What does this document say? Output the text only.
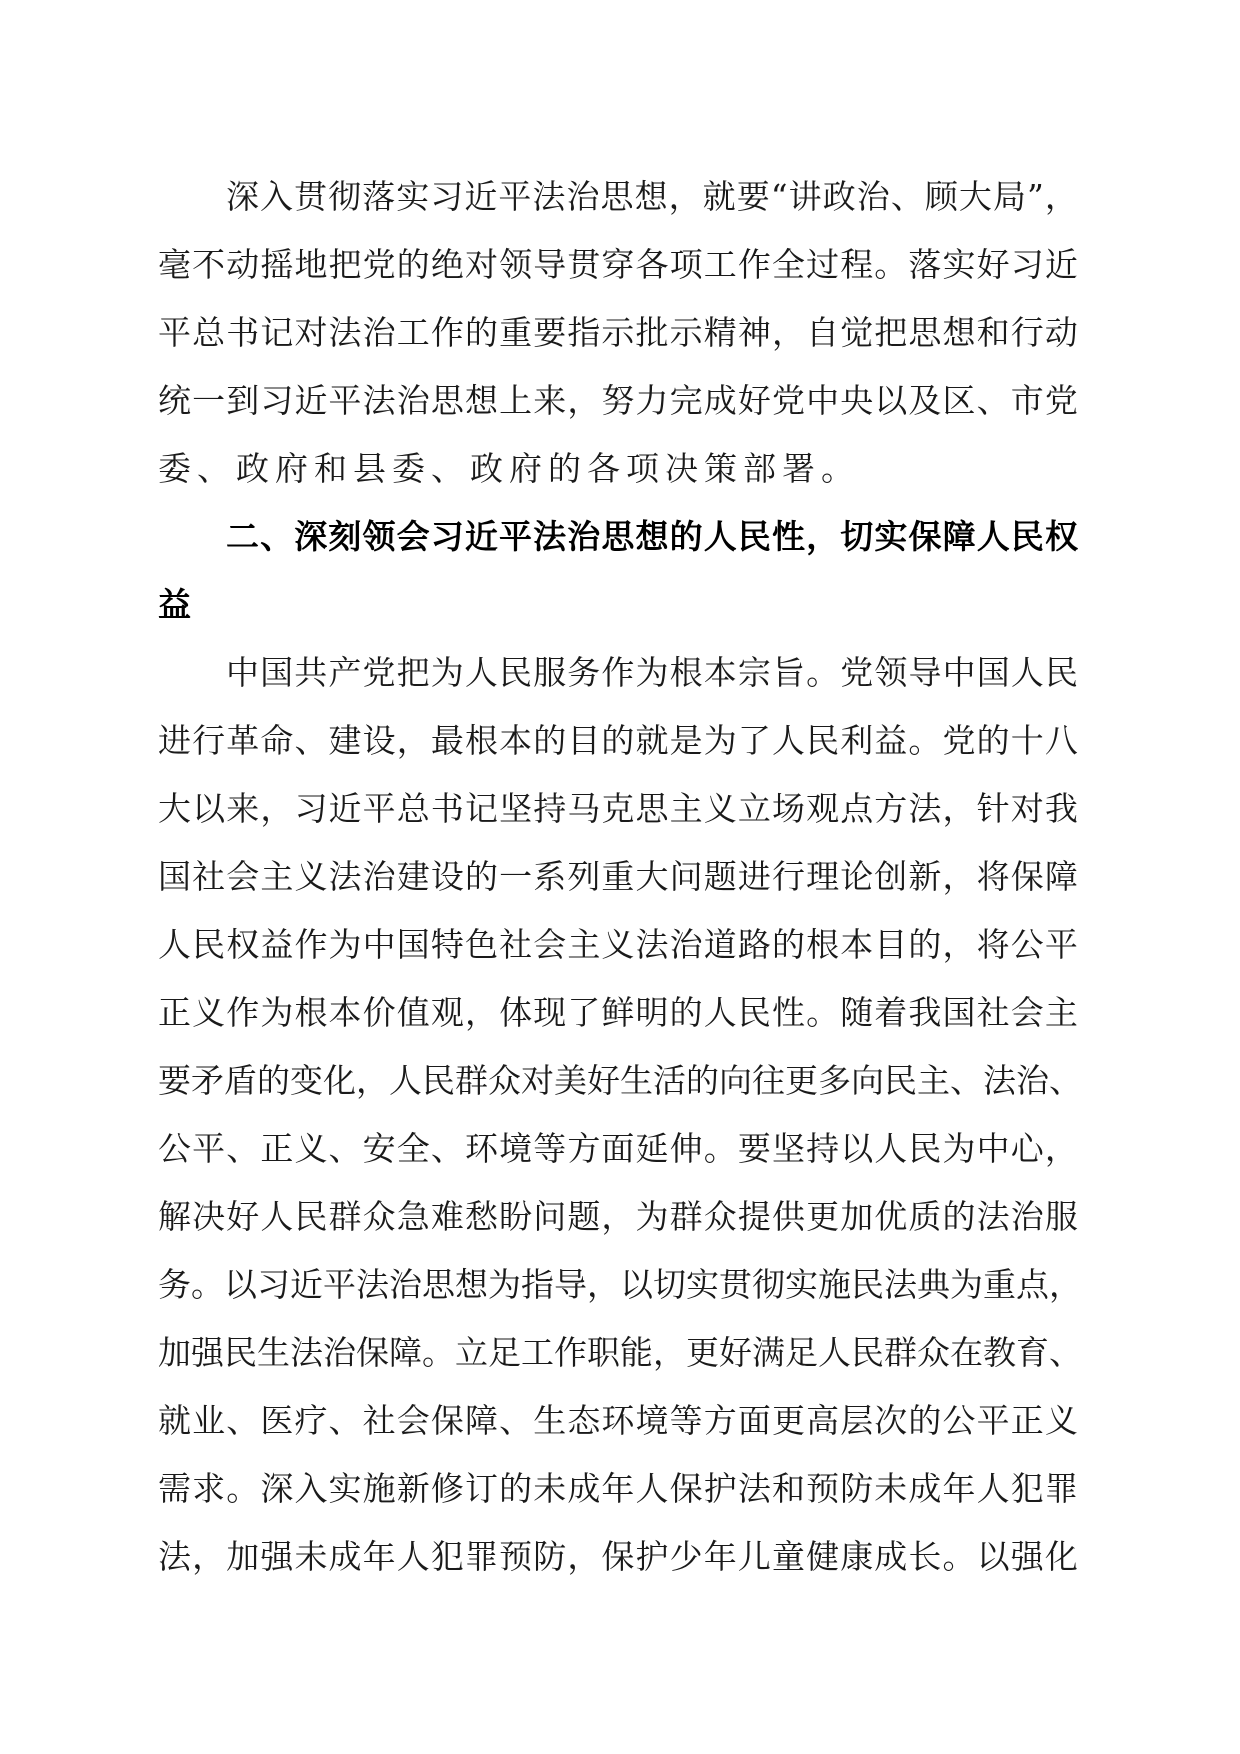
深 入 贯 彻 落 实 习 近 平 法 治 思 想 ， 就 要 “ 讲 政 治 、 顾 大 局 ” ，
毫 不 动 摇 地 把 党 的 绝 对 领 导 贯 穿 各 项 工 作 全 过 程 。 落 实 好 习 近
平 总 书 记 对 法 治 工 作 的 重 要 指 示 批 示 精 神 ， 自 觉 把 思 想 和 行 动
统 一 到 习 近 平 法 治 思 想 上 来 ， 努 力 完 成 好 党 中 央 以 及 区 、 市 党
委、政府和县委、政府的各项决策部署。
二 、 深 刻 领 会 习 近 平 法 治 思 想 的 人 民 性 ， 切 实 保 障 人 民 权
益
中 国 共 产 党 把 为 人 民 服 务 作 为 根 本 宗 旨 。 党 领 导 中 国 人 民
进 行 革 命 、 建 设 ， 最 根 本 的 目 的 就 是 为 了 人 民 利 益 。 党 的 十 八
大 以 来 ， 习 近 平 总 书 记 坚 持 马 克 思 主 义 立 场 观 点 方 法 ， 针 对 我
国 社 会 主 义 法 治 建 设 的 一 系 列 重 大 问 题 进 行 理 论 创 新 ， 将 保 障
人 民 权 益 作 为 中 国 特 色 社 会 主 义 法 治 道 路 的 根 本 目 的 ， 将 公 平
正 义 作 为 根 本 价 值 观 ， 体 现 了 鲜 明 的 人 民 性 。 随 着 我 国 社 会 主
要 矛 盾 的 变 化 ， 人 民 群 众 对 美 好 生 活 的 向 往 更 多 向 民 主 、 法 治 、
公 平 、 正 义 、 安 全 、 环 境 等 方 面 延 伸 。 要 坚 持 以 人 民 为 中 心 ，
解 决 好 人 民 群 众 急 难 愁 盼 问 题 ， 为 群 众 提 供 更 加 优 质 的 法 治 服
务 。 以 习 近 平 法 治 思 想 为 指 导 ， 以 切 实 贯 彻 实 施 民 法 典 为 重 点 ，
加 强 民 生 法 治 保 障 。 立 足 工 作 职 能 ， 更 好 满 足 人 民 群 众 在 教 育 、
就 业 、 医 疗 、 社 会 保 障 、 生 态 环 境 等 方 面 更 高 层 次 的 公 平 正 义
需 求 。 深 入 实 施 新 修 订 的 未 成 年 人 保 护 法 和 预 防 未 成 年 人 犯 罪
法 ， 加 强 未 成 年 人 犯 罪 预 防 ， 保 护 少 年 儿 童 健 康 成 长 。 以 强 化
